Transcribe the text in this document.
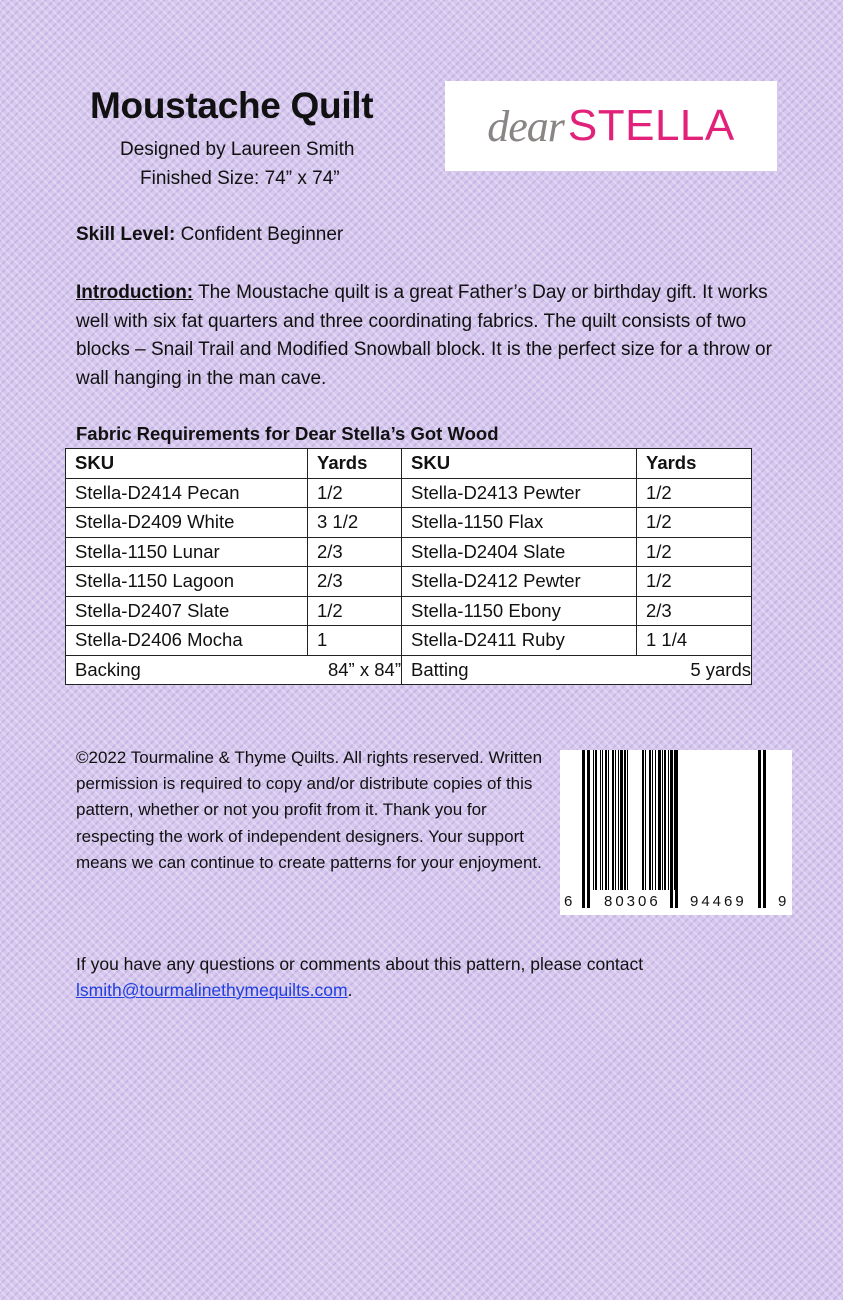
Moustache Quilt
Designed by Laureen Smith
Finished Size: 74” x 74”
dear STELLA
Skill Level: Confident Beginner
Introduction: The Moustache quilt is a great Father’s Day or birthday gift. It works well with six fat quarters and three coordinating fabrics. The quilt consists of two blocks – Snail Trail and Modified Snowball block. It is the perfect size for a throw or wall hanging in the man cave.
Fabric Requirements for Dear Stella’s Got Wood
SKU	Yards	SKU	Yards
Stella-D2414 Pecan	1/2	Stella-D2413 Pewter	1/2
Stella-D2409 White	3 1/2	Stella-1150 Flax	1/2
Stella-1150 Lunar	2/3	Stella-D2404 Slate	1/2
Stella-1150 Lagoon	2/3	Stella-D2412 Pewter	1/2
Stella-D2407 Slate	1/2	Stella-1150 Ebony	2/3
Stella-D2406 Mocha	1	Stella-D2411 Ruby	1 1/4

Backing 84” x 84”		Batting 5 yards	
©2022 Tourmaline & Thyme Quilts. All rights reserved. Written permission is required to copy and/or distribute copies of this pattern, whether or not you profit from it. Thank you for respecting the work of independent designers. Your support means we can continue to create patterns for your enjoyment.
6 80306 94469 9
If you have any questions or comments about this pattern, please contact
lsmith@tourmalinethymequilts.com.
